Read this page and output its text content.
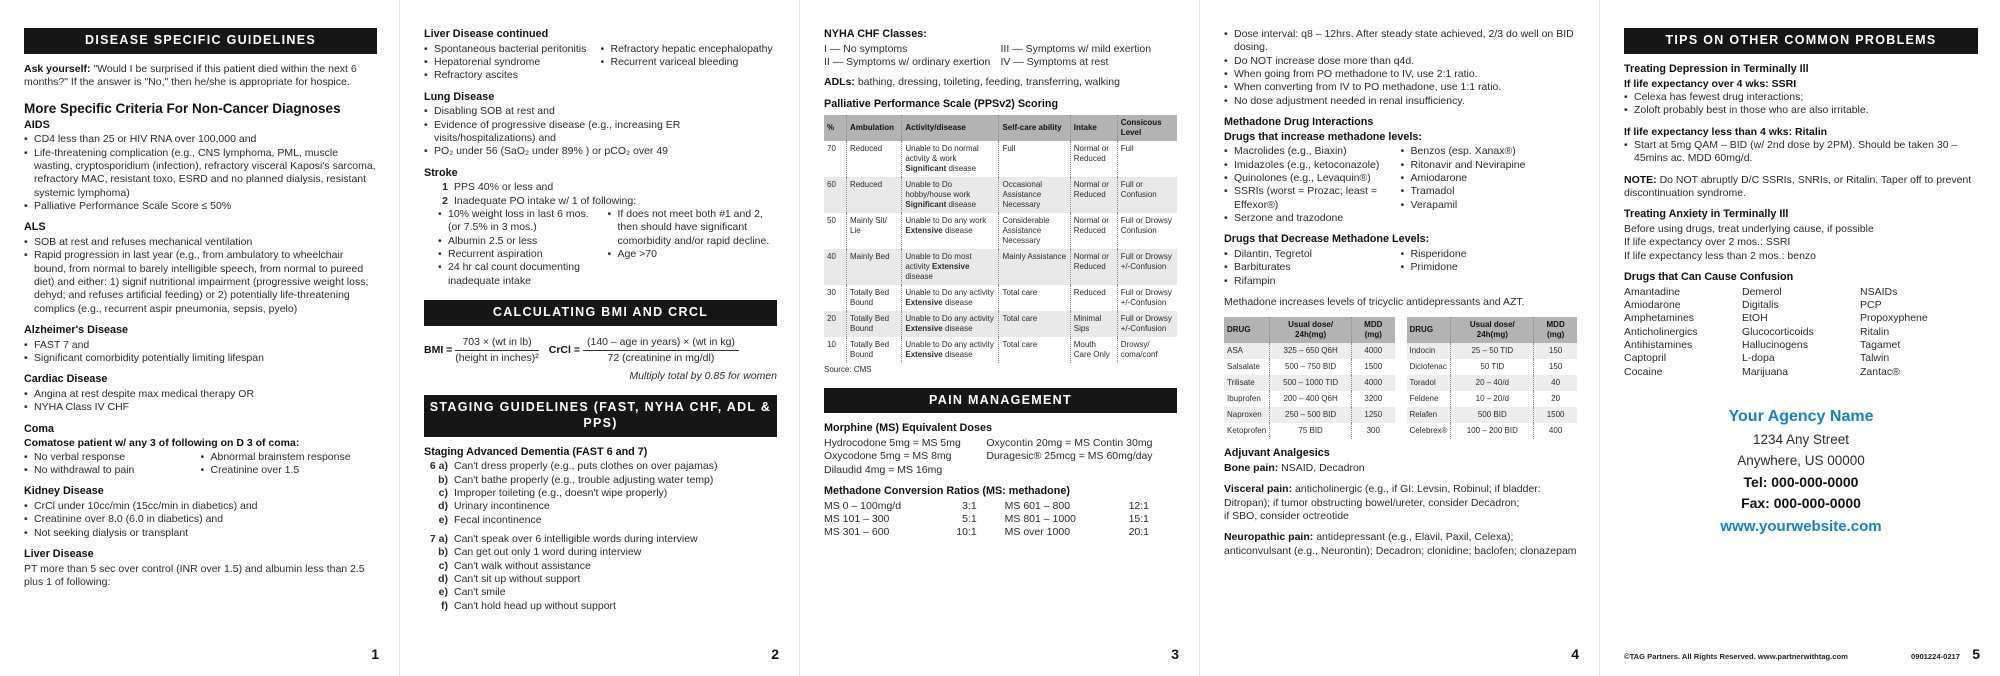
DISEASE SPECIFIC GUIDELINES

Ask yourself: "Would I be surprised if this patient died within the next 6 months?" If the answer is "No," then he/she is appropriate for hospice.

More Specific Criteria For Non-Cancer Diagnoses
AIDS
• CD4 less than 25 or HIV RNA over 100,000 and
• Life-threatening complication (e.g., CNS lymphoma, PML, muscle wasting, cryptosporidium (infection), refractory visceral Kaposi's sarcoma, refractory MAC, resistant toxo, ESRD and no planned dialysis, resistant systemic lymphoma)
• Palliative Performance Scale Score ≤ 50%
ALS
• SOB at rest and refuses mechanical ventilation
• Rapid progression in last year (e.g., from ambulatory to wheelchair bound, from normal to barely intelligible speech, from normal to pureed diet) and either: 1) signif nutritional impairment (progressive weight loss; dehyd; and refuses artificial feeding) or 2) potentially life-threatening complics (e.g., recurrent aspir pneumonia, sepsis, pyelo)
Alzheimer's Disease
• FAST 7 and
• Significant comorbidity potentially limiting lifespan
Cardiac Disease
• Angina at rest despite max medical therapy OR
• NYHA Class IV CHF
Coma

Comatose patient w/ any 3 of following on D 3 of coma:

• No verbal response
• No withdrawal to pain
• Abnormal brainstem response
• Creatinine over 1.5
Kidney Disease
• CrCl under 10cc/min (15cc/min in diabetics) and
• Creatinine over 8.0 (6.0 in diabetics) and
• Not seeking dialysis or transplant
Liver Disease

PT more than 5 sec over control (INR over 1.5) and albumin less than 2.5 plus 1 of following:

1
Liver Disease continued
• Spontaneous bacterial peritonitis
• Hepatorenal syndrome
• Refractory ascites
• Refractory hepatic encephalopathy
• Recurrent variceal bleeding
Lung Disease
• Disabling SOB at rest and
• Evidence of progressive disease (e.g., increasing ER visits/hospitalizations) and
• PO₂ under 56 (SaO₂ under 89% ) or pCO₂ over 49
Stroke
1	PPS 40% or less and
2	Inadequate PO intake w/ 1 of following:
• 10% weight loss in last 6 mos. (or 7.5% in 3 mos.)
• Albumin 2.5 or less
• Recurrent aspiration
• 24 hr cal count documenting inadequate intake
• If does not meet both #1 and 2, then should have significant comorbidity and/or rapid decline.
• Age >70
CALCULATING BMI AND CRCL
BMI = $\frac{\text{703 × (wt in lb)}}{\text{(height in inches)²}}$ CrCl = $\frac{\text{(140 – age in years) × (wt in kg)}}{\text{72 (creatinine in mg/dl)}}$

Multiply total by 0.85 for women

STAGING GUIDELINES (FAST, NYHA CHF, ADL & PPS)
Staging Advanced Dementia (FAST 6 and 7)
6 a)	Can't dress properly (e.g., puts clothes on over pajamas)
b)	Can't bathe properly (e.g., trouble adjusting water temp)
c)	Improper toileting (e.g., doesn't wipe properly)
d)	Urinary incontinence
e)	Fecal incontinence
7 a)	Can't speak over 6 intelligible words during interview
b)	Can get out only 1 word during interview
c)	Can't walk without assistance
d)	Can't sit up without support
e)	Can't smile
f)	Can't hold head up without support
2
NYHA CHF Classes:
I — No symptoms
II — Symptoms w/ ordinary exertion
III — Symptoms w/ mild exertion
IV — Symptoms at rest

ADLs: bathing, dressing, toileting, feeding, transferring, walking

Palliative Performance Scale (PPSv2) Scoring
%	Ambulation	Activity/disease	Self-care ability	Intake	Consicous Level
70	Reduced	Unable to Do normal activity & work Significant disease	Full	Normal or Reduced	Full
60	Reduced	Unable to Do hobby/house work Significant disease	Occasional Assistance Necessary	Normal or Reduced	Full or Confusion
50	Mainly Sit/ Lie	Unable to Do any work Extensive disease	Considerable Assistance Necessary	Normal or Reduced	Full or Drowsy Confusion
40	Mainly Bed	Unable to Do most activity Extensive disease	Mainly Assistance	Normal or Reduced	Full or Drowsy +/-Confusion
30	Totally Bed Bound	Unable to Do any activity Extensive disease	Total care	Reduced	Full or Drowsy +/-Confusion
20	Totally Bed Bound	Unable to Do any activity Extensive disease	Total care	Minimal Sips	Full or Drowsy +/-Confusion
10	Totally Bed Bound	Unable to Do any activity Extensive disease	Total care	Mouth Care Only	Drowsy/ coma/conf

Source: CMS

PAIN MANAGEMENT
Morphine (MS) Equivalent Doses
Hydrocodone 5mg = MS 5mg
Oxycodone 5mg = MS 8mg
Dilaudid 4mg = MS 16mg
Oxycontin 20mg = MS Contin 30mg
Duragesic® 25mcg = MS 60mg/day
Methadone Conversion Ratios (MS: methadone)
MS 0 – 100mg/d	3:1	MS 601 – 800	12:1
MS 101 – 300	5:1	MS 801 – 1000	15:1
MS 301 – 600	10:1	MS over 1000	20:1
3
• Dose interval: q8 – 12hrs. After steady state achieved, 2/3 do well on BID dosing.
• Do NOT increase dose more than q4d.
• When going from PO methadone to IV, use 2:1 ratio.
• When converting from IV to PO methadone, use 1:1 ratio.
• No dose adjustment needed in renal insufficiency.
Methadone Drug Interactions
Drugs that increase methadone levels:
• Macrolides (e.g., Biaxin)
• Imidazoles (e.g., ketoconazole)
• Quinolones (e.g., Levaquin®)
• SSRIs (worst = Prozac; least = Effexor®)
• Serzone and trazodone
• Benzos (esp. Xanax®)
• Ritonavir and Nevirapine
• Amiodarone
• Tramadol
• Verapamil
Drugs that Decrease Methadone Levels:
• Dilantin, Tegretol
• Barbiturates
• Rifampin
• Risperidone
• Primidone

Methadone increases levels of tricyclic antidepressants and AZT.

DRUG	Usual dose/ 24h(mg)	MDD (mg)
ASA	325 – 650 Q6H	4000
Salsalate	500 – 750 BID	1500
Trilisate	500 – 1000 TID	4000
Ibuprofen	200 – 400 Q6H	3200
Naproxen	250 – 500 BID	1250
Ketoprofen	75 BID	300
DRUG	Usual dose/ 24h(mg)	MDD (mg)
Indocin	25 – 50 TID	150
Diclofenac	50 TID	150
Toradol	20 – 40/d	40
Feldene	10 – 20/d	20
Relafen	500 BID	1500
Celebrex®	100 – 200 BID	400
Adjuvant Analgesics

Bone pain: NSAID, Decadron

Visceral pain: anticholinergic (e.g., if GI: Levsin, Robinul; if bladder: Ditropan); if tumor obstructing bowel/ureter, consider Decadron;

if SBO, consider octreotide

Neuropathic pain: antidepressant (e.g., Elavil, Paxil, Celexa); anticonvulsant (e.g., Neurontin); Decadron; clonidine; baclofen; clonazepam

4
TIPS ON OTHER COMMON PROBLEMS
Treating Depression in Terminally Ill
If life expectancy over 4 wks: SSRI
• Celexa has fewest drug interactions;
• Zoloft probably best in those who are also irritable.
If life expectancy less than 4 wks: Ritalin
• Start at 5mg QAM – BID (w/ 2nd dose by 2PM). Should be taken 30 – 45mins ac. MDD 60mg/d.

NOTE: Do NOT abruptly D/C SSRIs, SNRIs, or Ritalin. Taper off to prevent discontinuation syndrome.

Treating Anxiety in Terminally Ill
Before using drugs, treat underlying cause, if possible
If life expectancy over 2 mos.: SSRI
If life expectancy less than 2 mos.: benzo
Drugs that Can Cause Confusion
Amantadine
Amiodarone
Amphetamines
Anticholinergics
Antihistamines
Captopril
Cocaine
Demerol
Digitalis
EtOH
Glucocorticoids
Hallucinogens
L-dopa
Marijuana
NSAIDs
PCP
Propoxyphene
Ritalin
Tagamet
Talwin
Zantac®
Your Agency Name
1234 Any Street
Anywhere, US 00000
Tel: 000-000-0000
Fax: 000-000-0000
www.yourwebsite.com
©TAG Partners. All Rights Reserved. www.partnerwithtag.com	0901224-0217 5
